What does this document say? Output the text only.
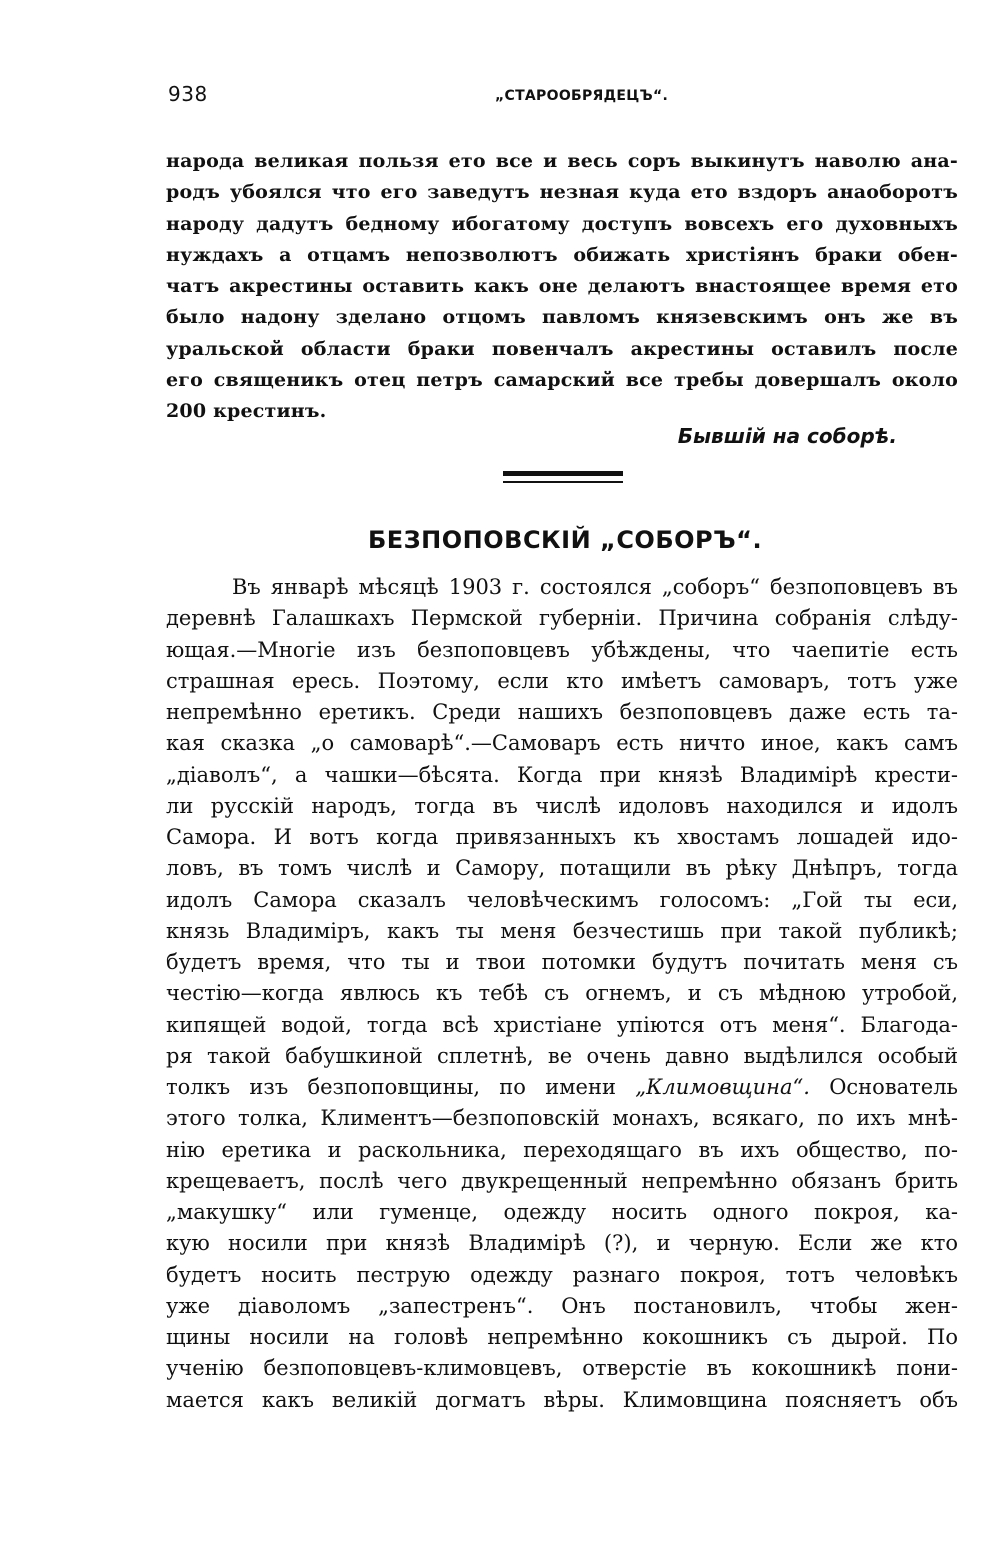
938	„СТАРООБРЯДЕЦЪ“.
народа великая пользя ето все и весь соръ выкинутъ наволю ана-
родъ убоялся что его заведутъ незная куда ето вздоръ анаоборотъ
народу дадутъ бедному ибогатому доступъ вовсехъ его духовныхъ
нуждахъ а отцамъ непозволютъ обижать христiянъ браки обен-
чатъ акрестины оставить какъ оне делаютъ внастоящее время ето
было надону зделано отцомъ павломъ князевскимъ онъ же въ
уральской области браки повенчалъ акрестины оставилъ после
его священикъ отец петръ самарский все требы довершалъ около
200 крестинъ.
Бывшiй на соборѣ.
БЕЗПОПОВСКIЙ „СОБОРЪ“.
Въ январѣ мѣсяцѣ 1903 г. состоялся „соборъ“ безпоповцевъ въ
деревнѣ Галашкахъ Пермской губернiи. Причина собранiя слѣду-
ющая.—Многiе изъ безпоповцевъ убѣждены, что чаепитiе есть
страшная ересь. Поэтому, если кто имѣетъ самоваръ, тотъ уже
непремѣнно еретикъ. Среди нашихъ безпоповцевъ даже есть та-
кая сказка „о самоварѣ“.—Самоваръ есть ничто иное, какъ самъ
„дiаволъ“, а чашки—бѣсята. Когда при князѣ Владимiрѣ крести-
ли русскiй народъ, тогда въ числѣ идоловъ находился и идолъ
Самора. И вотъ когда привязанныхъ къ хвостамъ лошадей идо-
ловъ, въ томъ числѣ и Самору, потащили въ рѣку Днѣпръ, тогда
идолъ Самора сказалъ человѣческимъ голосомъ: „Гой ты еси,
князь Владимiръ, какъ ты меня безчестишь при такой публикѣ;
будетъ время, что ты и твои потомки будутъ почитать меня съ
честiю—когда явлюсь къ тебѣ съ огнемъ, и съ мѣдною утробой,
кипящей водой, тогда всѣ христiане упiются отъ меня“. Благода-
ря такой бабушкиной сплетнѣ, ве очень давно выдѣлился особый
толкъ изъ безпоповщины, по имени „Климовщина“. Основатель
этого толка, Климентъ—безпоповскiй монахъ, всякаго, по ихъ мнѣ-
нiю еретика и раскольника, переходящаго въ ихъ общество, по-
крещеваетъ, послѣ чего двукрещенный непремѣнно обязанъ брить
„макушку“ или гуменце, одежду носить одного покроя, ка-
кую носили при князѣ Владимiрѣ (?), и черную. Если же кто
будетъ носить пеструю одежду разнаго покроя, тотъ человѣкъ
уже дiаволомъ „запестренъ“. Онъ постановилъ, чтобы жен-
щины носили на головѣ непремѣнно кокошникъ съ дырой. По
ученiю безпоповцевъ-климовцевъ, отверстiе въ кокошникѣ пони-
мается какъ великiй догматъ вѣры. Климовщина поясняетъ объ
